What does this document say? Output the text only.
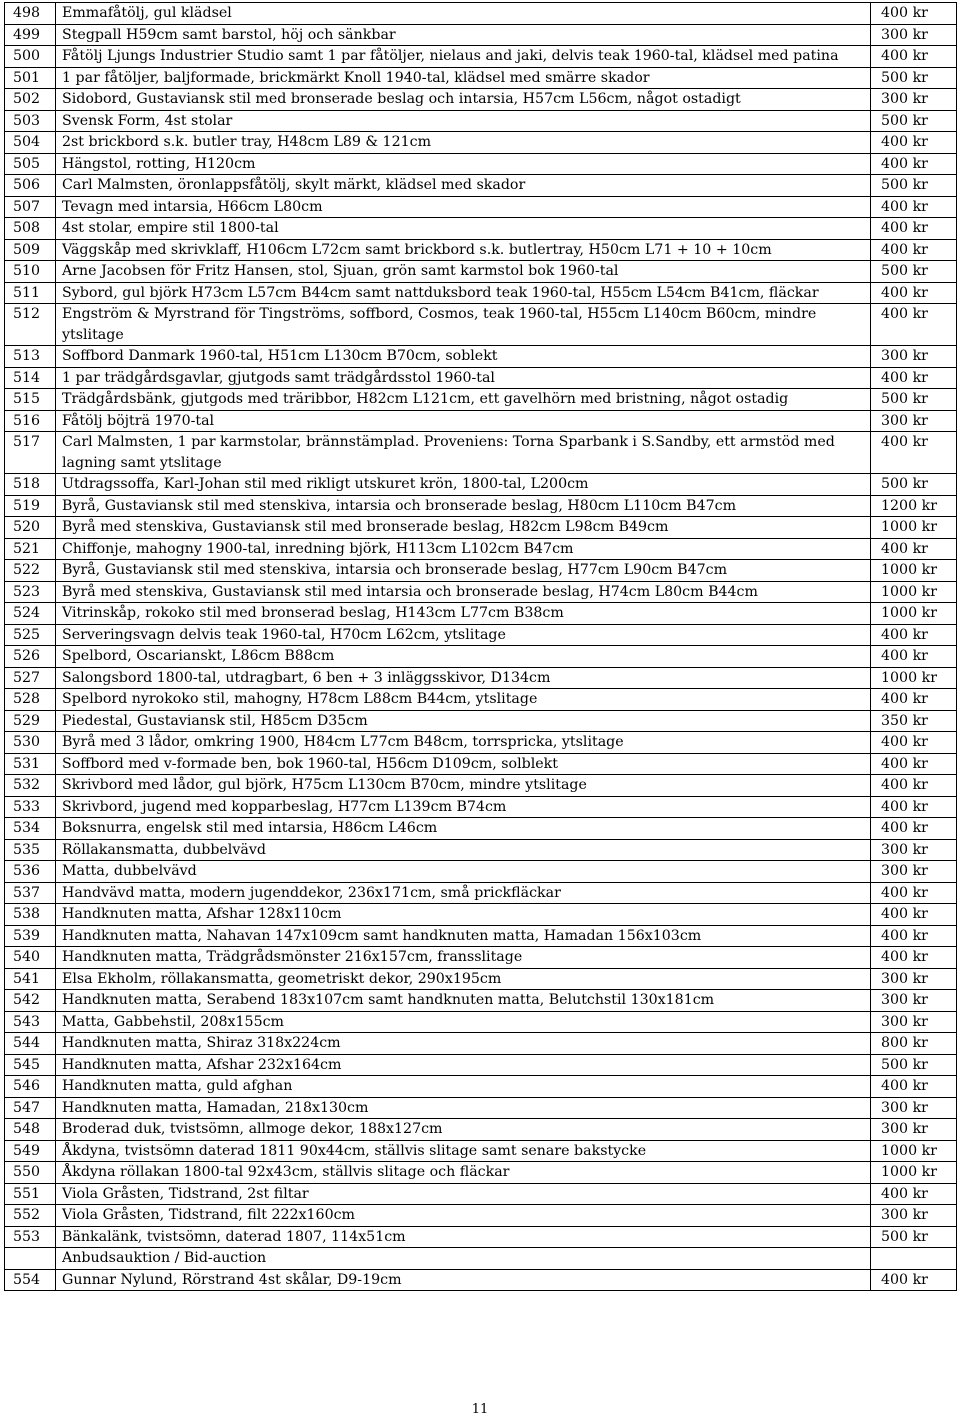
498	Emmafåtölj, gul klädsel	400 kr
499	Stegpall H59cm samt barstol, höj och sänkbar	300 kr
500	Fåtölj Ljungs Industrier Studio samt 1 par fåtöljer, nielaus and jaki, delvis teak 1960-tal, klädsel med patina	400 kr
501	1 par fåtöljer, baljformade, brickmärkt Knoll 1940-tal, klädsel med smärre skador	500 kr
502	Sidobord, Gustaviansk stil med bronserade beslag och intarsia, H57cm L56cm, något ostadigt	300 kr
503	Svensk Form, 4st stolar	500 kr
504	2st brickbord s.k. butler tray, H48cm L89 & 121cm	400 kr
505	Hängstol, rotting, H120cm	400 kr
506	Carl Malmsten, öronlappsfåtölj, skylt märkt, klädsel med skador	500 kr
507	Tevagn med intarsia, H66cm L80cm	400 kr
508	4st stolar, empire stil 1800-tal	400 kr
509	Väggskåp med skrivklaff, H106cm L72cm samt brickbord s.k. butlertray, H50cm L71 + 10 + 10cm	400 kr
510	Arne Jacobsen för Fritz Hansen, stol, Sjuan, grön samt karmstol bok 1960-tal	500 kr
511	Sybord, gul björk H73cm L57cm B44cm samt nattduksbord teak 1960-tal, H55cm L54cm B41cm, fläckar	400 kr
512	Engström & Myrstrand för Tingströms, soffbord, Cosmos, teak 1960-tal, H55cm L140cm B60cm, mindre ytslitage	400 kr
513	Soffbord Danmark 1960-tal, H51cm L130cm B70cm, soblekt	300 kr
514	1 par trädgårdsgavlar, gjutgods samt trädgårdsstol 1960-tal	400 kr
515	Trädgårdsbänk, gjutgods med träribbor, H82cm L121cm, ett gavelhörn med bristning, något ostadig	500 kr
516	Fåtölj böjträ 1970-tal	300 kr
517	Carl Malmsten, 1 par karmstolar, brännstämplad. Proveniens: Torna Sparbank i S.Sandby, ett armstöd med lagning samt ytslitage	400 kr
518	Utdragssoffa, Karl-Johan stil med rikligt utskuret krön, 1800-tal, L200cm	500 kr
519	Byrå, Gustaviansk stil med stenskiva, intarsia och bronserade beslag, H80cm L110cm B47cm	1200 kr
520	Byrå med stenskiva, Gustaviansk stil med bronserade beslag, H82cm L98cm B49cm	1000 kr
521	Chiffonje, mahogny 1900-tal, inredning björk, H113cm L102cm B47cm	400 kr
522	Byrå, Gustaviansk stil med stenskiva, intarsia och bronserade beslag, H77cm L90cm B47cm	1000 kr
523	Byrå med stenskiva, Gustaviansk stil med intarsia och bronserade beslag, H74cm L80cm B44cm	1000 kr
524	Vitrinskåp, rokoko stil med bronserad beslag, H143cm L77cm B38cm	1000 kr
525	Serveringsvagn delvis teak 1960-tal, H70cm L62cm, ytslitage	400 kr
526	Spelbord, Oscarianskt, L86cm B88cm	400 kr
527	Salongsbord 1800-tal, utdragbart, 6 ben + 3 inläggsskivor, D134cm	1000 kr
528	Spelbord nyrokoko stil, mahogny, H78cm L88cm B44cm, ytslitage	400 kr
529	Piedestal, Gustaviansk stil, H85cm D35cm	350 kr
530	Byrå med 3 lådor, omkring 1900, H84cm L77cm B48cm, torrspricka, ytslitage	400 kr
531	Soffbord med v-formade ben, bok 1960-tal, H56cm D109cm, solblekt	400 kr
532	Skrivbord med lådor, gul björk, H75cm L130cm B70cm, mindre ytslitage	400 kr
533	Skrivbord, jugend med kopparbeslag, H77cm L139cm B74cm	400 kr
534	Boksnurra, engelsk stil med intarsia, H86cm L46cm	400 kr
535	Röllakansmatta, dubbelvävd	300 kr
536	Matta, dubbelvävd	300 kr
537	Handvävd matta, modern jugenddekor, 236x171cm, små prickfläckar	400 kr
538	Handknuten matta, Afshar 128x110cm	400 kr
539	Handknuten matta, Nahavan 147x109cm samt handknuten matta, Hamadan 156x103cm	400 kr
540	Handknuten matta, Trädgrådsmönster 216x157cm, fransslitage	400 kr
541	Elsa Ekholm, röllakansmatta, geometriskt dekor, 290x195cm	300 kr
542	Handknuten matta, Serabend 183x107cm samt handknuten matta, Belutchstil 130x181cm	300 kr
543	Matta, Gabbehstil, 208x155cm	300 kr
544	Handknuten matta, Shiraz 318x224cm	800 kr
545	Handknuten matta, Afshar 232x164cm	500 kr
546	Handknuten matta, guld afghan	400 kr
547	Handknuten matta, Hamadan, 218x130cm	300 kr
548	Broderad duk, tvistsömn, allmoge dekor, 188x127cm	300 kr
549	Åkdyna, tvistsömn daterad 1811 90x44cm, ställvis slitage samt senare bakstycke	1000 kr
550	Åkdyna röllakan 1800-tal 92x43cm, ställvis slitage och fläckar	1000 kr
551	Viola Gråsten, Tidstrand, 2st filtar	400 kr
552	Viola Gråsten, Tidstrand, filt 222x160cm	300 kr
553	Bänkalänk, tvistsömn, daterad 1807, 114x51cm	500 kr
	Anbudsauktion / Bid-auction	
554	Gunnar Nylund, Rörstrand 4st skålar, D9-19cm	400 kr
11
